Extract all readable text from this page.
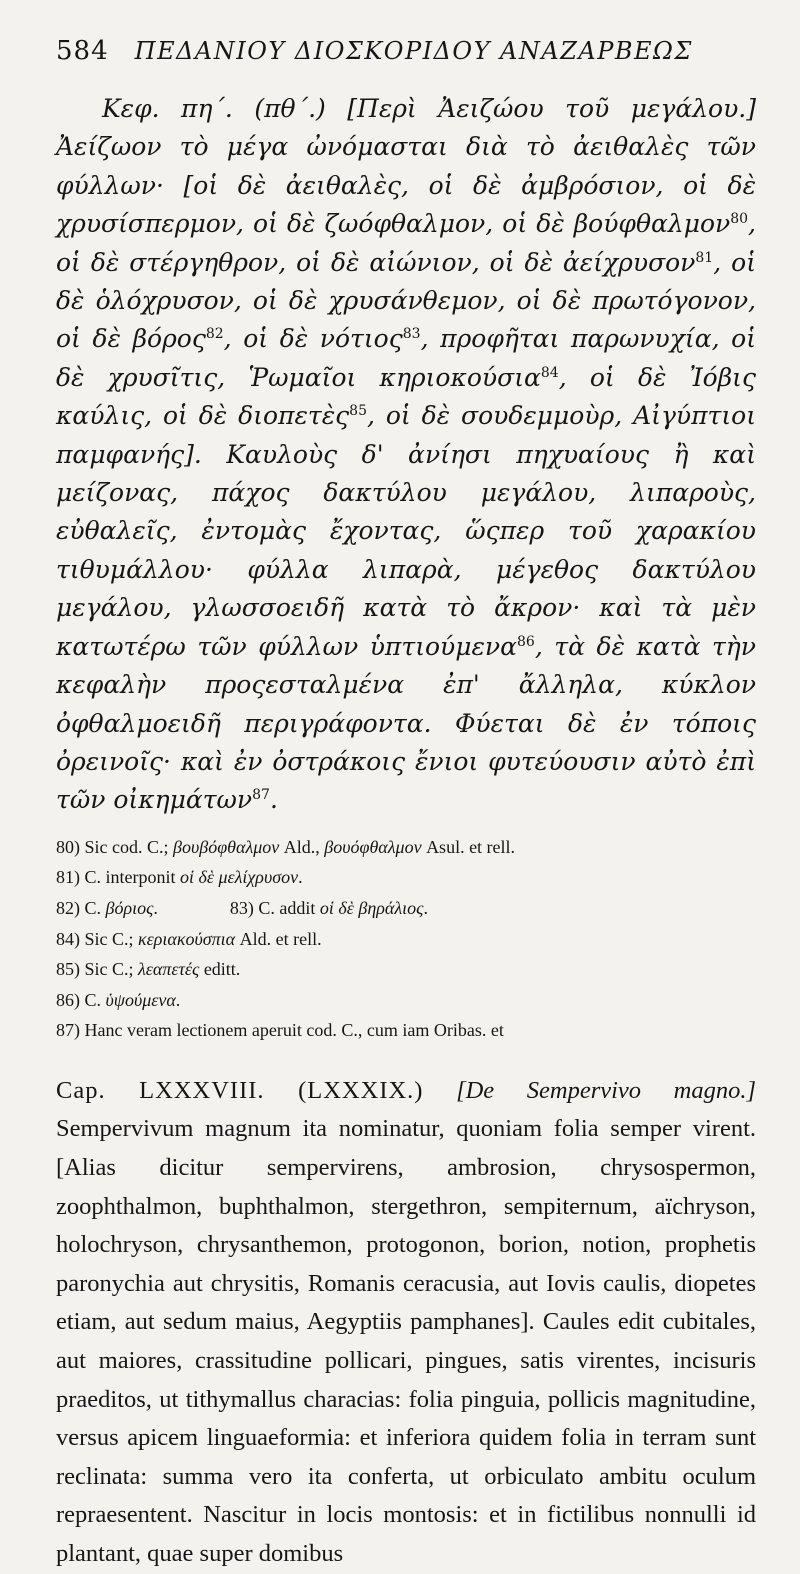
584 ΠΕΔΑΝΙΟΥ ΔΙΟΣΚΟΡΙΔΟΥ ΑΝΑΖΑΡΒΕΩΣ

Κεφ. πη΄. (πθ΄.) [Περὶ Ἀειζώου τοῦ μεγάλου.] Ἀείζωον τὸ μέγα ὠνόμασται διὰ τὸ ἀειθαλὲς τῶν φύλλων· [οἱ δὲ ἀειθαλὲς, οἱ δὲ ἀμβρόσιον, οἱ δὲ χρυσίσπερμον, οἱ δὲ ζωόφθαλμον, οἱ δὲ βούφθαλμον$^{80}$, οἱ δὲ στέργηθρον, οἱ δὲ αἰώνιον, οἱ δὲ ἀείχρυσον$^{81}$, οἱ δὲ ὁλόχρυσον, οἱ δὲ χρυσάνθεμον, οἱ δὲ πρωτόγονον, οἱ δὲ βόρος$^{82}$, οἱ δὲ νότιος$^{83}$, προφῆται παρωνυχία, οἱ δὲ χρυσῖτις, Ῥωμαῖοι κηριοκούσια$^{84}$, οἱ δὲ Ἰόβις καύλις, οἱ δὲ διοπετὲς$^{85}$, οἱ δὲ σουδεμμοὺρ, Αἰγύπτιοι παμφανής]. Καυλοὺς δ' ἀνίησι πηχυαίους ἢ καὶ μείζονας, πάχος δακτύλου μεγάλου, λιπαροὺς, εὐθαλεῖς, ἐντομὰς ἔχοντας, ὥςπερ τοῦ χαρακίου τιθυμάλλου· φύλλα λιπαρὰ, μέγεθος δακτύλου μεγάλου, γλωσσοειδῆ κατὰ τὸ ἄκρον· καὶ τὰ μὲν κατωτέρω τῶν φύλλων ὑπτιούμενα$^{86}$, τὰ δὲ κατὰ τὴν κεφαλὴν προςεσταλμένα ἐπ' ἄλληλα, κύκλον ὀφθαλμοειδῆ περιγράφοντα. Φύεται δὲ ἐν τόποις ὀρεινοῖς· καὶ ἐν ὀστράκοις ἔνιοι φυτεύουσιν αὐτὸ ἐπὶ τῶν οἰκημάτων$^{87}$.

80) Sic cod. C.; βουβόφθαλμον Ald., βουόφθαλμον Asul. et rell.
81) C. interponit οἱ δὲ μελίχρυσον.
82) C. βόριος.	83) C. addit οἱ δὲ βηράλιος.
84) Sic C.; κεριακούσπια Ald. et rell.
85) Sic C.; λεαπετές editt.
86) C. ὑψούμενα.
87) Hanc veram lectionem aperuit cod. C., cum iam Oribas. et
Cap. LXXXVIII. (LXXXIX.) [De Sempervivo magno.] Sempervivum magnum ita nominatur, quoniam folia semper virent. [Alias dicitur sempervirens, ambrosion, chrysospermon, zoophthalmon, buphthalmon, stergethron, sempiternum, aïchryson, holochryson, chrysanthemon, protogonon, borion, notion, prophetis paronychia aut chrysitis, Romanis ceracusia, aut Iovis caulis, diopetes etiam, aut sedum maius, Aegyptiis pamphanes]. Caules edit cubitales, aut maiores, crassitudine pollicari, pingues, satis virentes, incisuris praeditos, ut tithymallus characias: folia pinguia, pollicis magnitudine, versus apicem linguaeformia: et inferiora quidem folia in terram sunt reclinata: summa vero ita conferta, ut orbiculato ambitu oculum repraesentent. Nascitur in locis montosis: et in fictilibus nonnulli id plantant, quae super domibus
